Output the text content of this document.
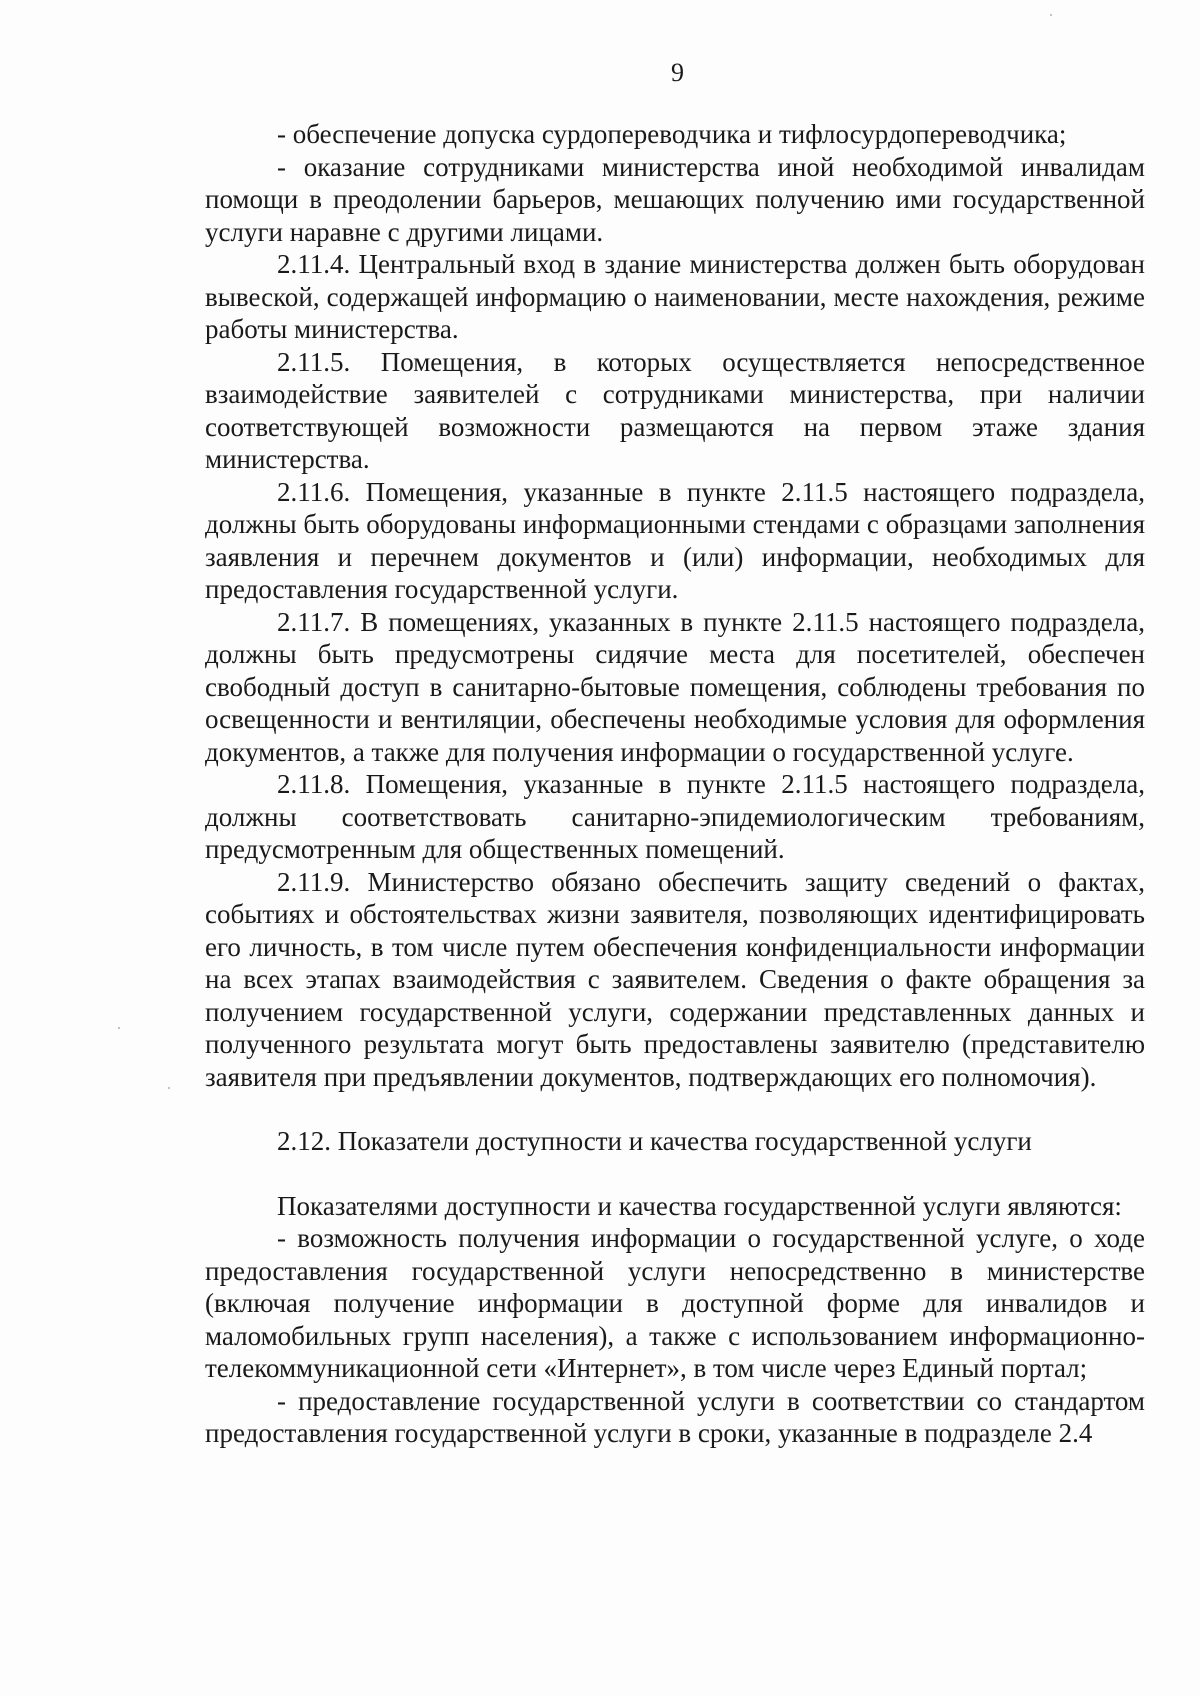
9

- обеспечение допуска сурдопереводчика и тифлосурдопереводчика;

- оказание сотрудниками министерства иной необходимой инвалидам помощи в преодолении барьеров, мешающих получению ими государственной услуги наравне с другими лицами.

2.11.4. Центральный вход в здание министерства должен быть оборудован вывеской, содержащей информацию о наименовании, месте нахождения, режиме работы министерства.

2.11.5. Помещения, в которых осуществляется непосредственное взаимодействие заявителей с сотрудниками министерства, при наличии соответствующей возможности размещаются на первом этаже здания министерства.

2.11.6. Помещения, указанные в пункте 2.11.5 настоящего подраздела, должны быть оборудованы информационными стендами с образцами заполнения заявления и перечнем документов и (или) информации, необходимых для предоставления государственной услуги.

2.11.7. В помещениях, указанных в пункте 2.11.5 настоящего подраздела, должны быть предусмотрены сидячие места для посетителей, обеспечен свободный доступ в санитарно-бытовые помещения, соблюдены требования по освещенности и вентиляции, обеспечены необходимые условия для оформления документов, а также для получения информации о государственной услуге.

2.11.8. Помещения, указанные в пункте 2.11.5 настоящего подраздела, должны соответствовать санитарно-эпидемиологическим требованиям, предусмотренным для общественных помещений.

2.11.9. Министерство обязано обеспечить защиту сведений о фактах, событиях и обстоятельствах жизни заявителя, позволяющих идентифицировать его личность, в том числе путем обеспечения конфиденциальности информации на всех этапах взаимодействия с заявителем. Сведения о факте обращения за получением государственной услуги, содержании представленных данных и полученного результата могут быть предоставлены заявителю (представителю заявителя при предъявлении документов, подтверждающих его полномочия).

2.12. Показатели доступности и качества государственной услуги

Показателями доступности и качества государственной услуги являются:

- возможность получения информации о государственной услуге, о ходе предоставления государственной услуги непосредственно в министерстве (включая получение информации в доступной форме для инвалидов и маломобильных групп населения), а также с использованием информационно-телекоммуникационной сети «Интернет», в том числе через Единый портал;

- предоставление государственной услуги в соответствии со стандартом предоставления государственной услуги в сроки, указанные в подразделе 2.4
